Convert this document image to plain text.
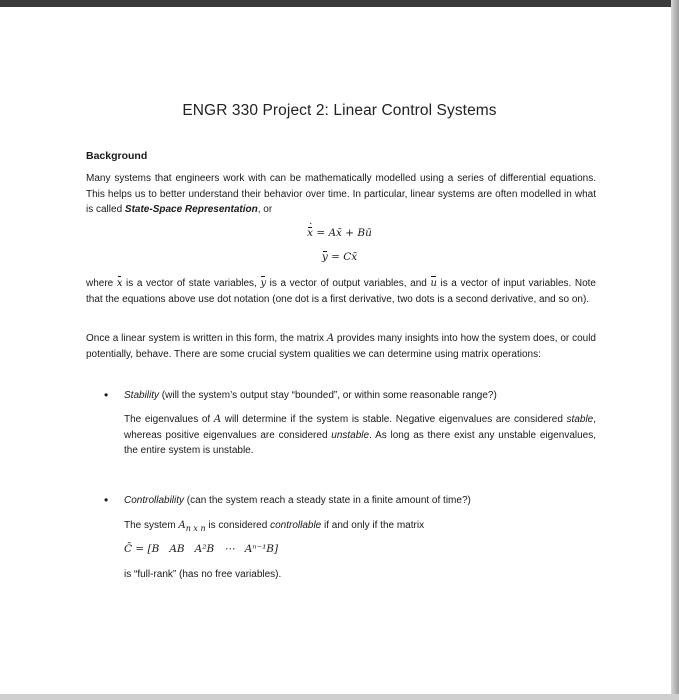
ENGR 330 Project 2: Linear Control Systems
Background
Many systems that engineers work with can be mathematically modelled using a series of differential equations. This helps us to better understand their behavior over time. In particular, linear systems are often modelled in what is called State-Space Representation, or
x · = Ax̄ + Bū
y = Cx̄
where x is a vector of state variables, y is a vector of output variables, and u is a vector of input variables. Note that the equations above use dot notation (one dot is a first derivative, two dots is a second derivative, and so on).
Once a linear system is written in this form, the matrix A provides many insights into how the system does, or could potentially, behave. There are some crucial system qualities we can determine using matrix operations:
• Stability (will the system’s output stay “bounded”, or within some reasonable range?)
The eigenvalues of A will determine if the system is stable. Negative eigenvalues are considered stable, whereas positive eigenvalues are considered unstable. As long as there exist any unstable eigenvalues, the entire system is unstable.
• Controllability (can the system reach a steady state in a finite amount of time?)
The system $A_{n x n}$ is considered controllable if and only if the matrix
C̄ = [B   AB   A²B   ⋯   Aⁿ⁻¹B]
is “full-rank” (has no free variables).
